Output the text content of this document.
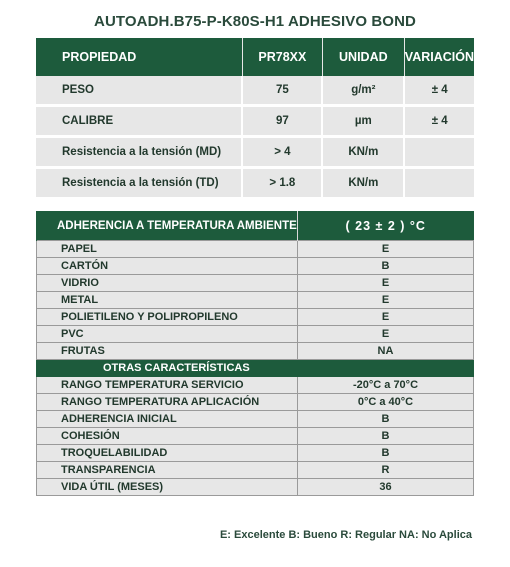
AUTOADH.B75-P-K80S-H1 ADHESIVO BOND
PROPIEDAD	PR78XX	UNIDAD	VARIACIÓN
PESO	75	g/m²	± 4
CALIBRE	97	µm	± 4
Resistencia a la tensión (MD)	> 4	KN/m	
Resistencia a la tensión (TD)	> 1.8	KN/m	
ADHERENCIA A TEMPERATURA AMBIENTE	( 23 ± 2 ) °C
PAPEL	E
CARTÓN	B
VIDRIO	E
METAL	E
POLIETILENO Y POLIPROPILENO	E
PVC	E
FRUTAS	NA
OTRAS CARACTERÍSTICAS	
RANGO TEMPERATURA SERVICIO	-20°C a 70°C
RANGO TEMPERATURA APLICACIÓN	0°C a 40°C
ADHERENCIA INICIAL	B
COHESIÓN	B
TROQUELABILIDAD	B
TRANSPARENCIA	R
VIDA ÚTIL (MESES)	36
E: Excelente B: Bueno R: Regular NA: No Aplica
